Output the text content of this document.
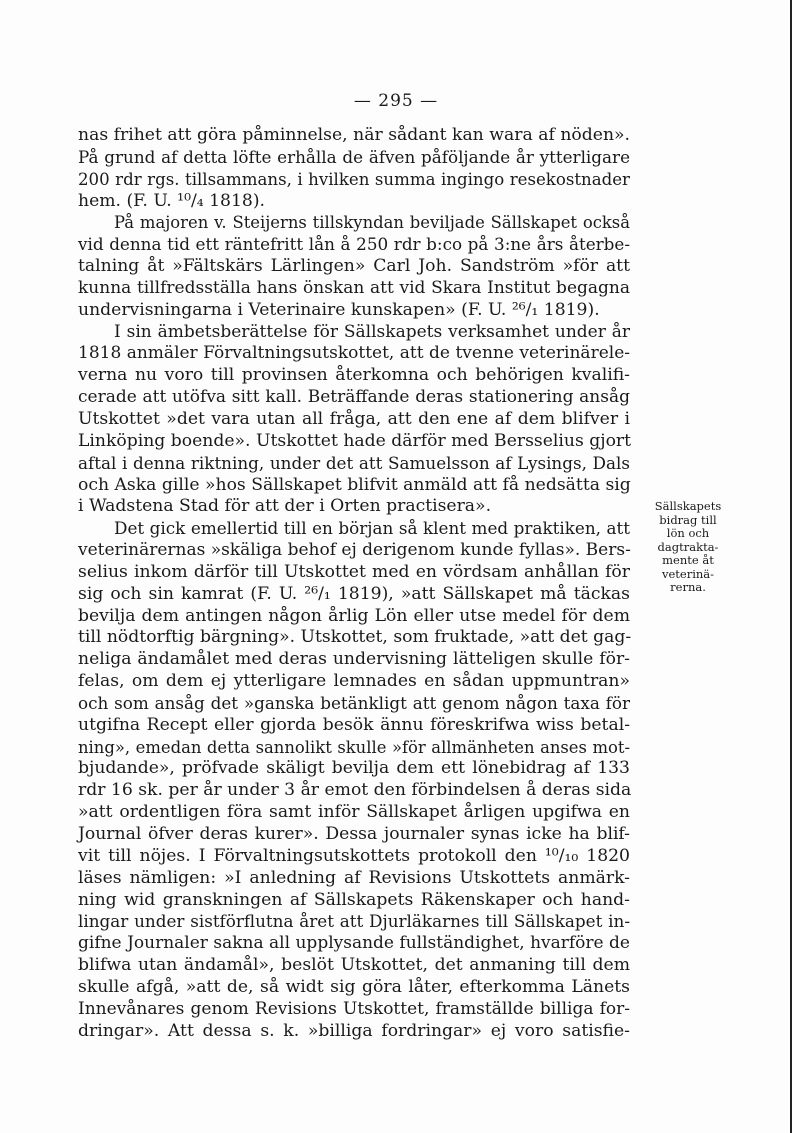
— 295 —
nas frihet att göra påminnelse, när sådant kan wara af nöden».
På grund af detta löfte erhålla de äfven påföljande år ytterligare
200 rdr rgs. tillsammans, i hvilken summa ingingo resekostnader
hem. (F. U. ¹⁰/₄ 1818).
På majoren v. Steijerns tillskyndan beviljade Sällskapet också
vid denna tid ett räntefritt lån å 250 rdr b:co på 3:ne års återbe-
talning åt »Fältskärs Lärlingen» Carl Joh. Sandström »för att
kunna tillfredsställa hans önskan att vid Skara Institut begagna
undervisningarna i Veterinaire kunskapen» (F. U. ²⁶/₁ 1819).
I sin ämbetsberättelse för Sällskapets verksamhet under år
1818 anmäler Förvaltningsutskottet, att de tvenne veterinärele-
verna nu voro till provinsen återkomna och behörigen kvalifi-
cerade att utöfva sitt kall. Beträffande deras stationering ansåg
Utskottet »det vara utan all fråga, att den ene af dem blifver i
Linköping boende». Utskottet hade därför med Bersselius gjort
aftal i denna riktning, under det att Samuelsson af Lysings, Dals
och Aska gille »hos Sällskapet blifvit anmäld att få nedsätta sig
i Wadstena Stad för att der i Orten practisera».
Det gick emellertid till en början så klent med praktiken, att
veterinärernas »skäliga behof ej derigenom kunde fyllas». Bers-
selius inkom därför till Utskottet med en vördsam anhållan för
sig och sin kamrat (F. U. ²⁶/₁ 1819), »att Sällskapet må täckas
bevilja dem antingen någon årlig Lön eller utse medel för dem
till nödtorftig bärgning». Utskottet, som fruktade, »att det gag-
neliga ändamålet med deras undervisning lätteligen skulle för-
felas, om dem ej ytterligare lemnades en sådan uppmuntran»
och som ansåg det »ganska betänkligt att genom någon taxa för
utgifna Recept eller gjorda besök ännu föreskrifwa wiss betal-
ning», emedan detta sannolikt skulle »för allmänheten anses mot-
bjudande», pröfvade skäligt bevilja dem ett lönebidrag af 133
rdr 16 sk. per år under 3 år emot den förbindelsen å deras sida
»att ordentligen föra samt inför Sällskapet årligen upgifwa en
Journal öfver deras kurer». Dessa journaler synas icke ha blif-
vit till nöjes. I Förvaltningsutskottets protokoll den ¹⁰/₁₀ 1820
läses nämligen: »I anledning af Revisions Utskottets anmärk-
ning wid granskningen af Sällskapets Räkenskaper och hand-
lingar under sistförflutna året att Djurläkarnes till Sällskapet in-
gifne Journaler sakna all upplysande fullständighet, hvarföre de
blifwa utan ändamål», beslöt Utskottet, det anmaning till dem
skulle afgå, »att de, så widt sig göra låter, efterkomma Länets
Innevånares genom Revisions Utskottet, framställde billiga for-
dringar». Att dessa s. k. »billiga fordringar» ej voro satisfie-
Sällskapets
bidrag till
lön och
dagtrakta-
mente åt
veterinä-
rerna.
